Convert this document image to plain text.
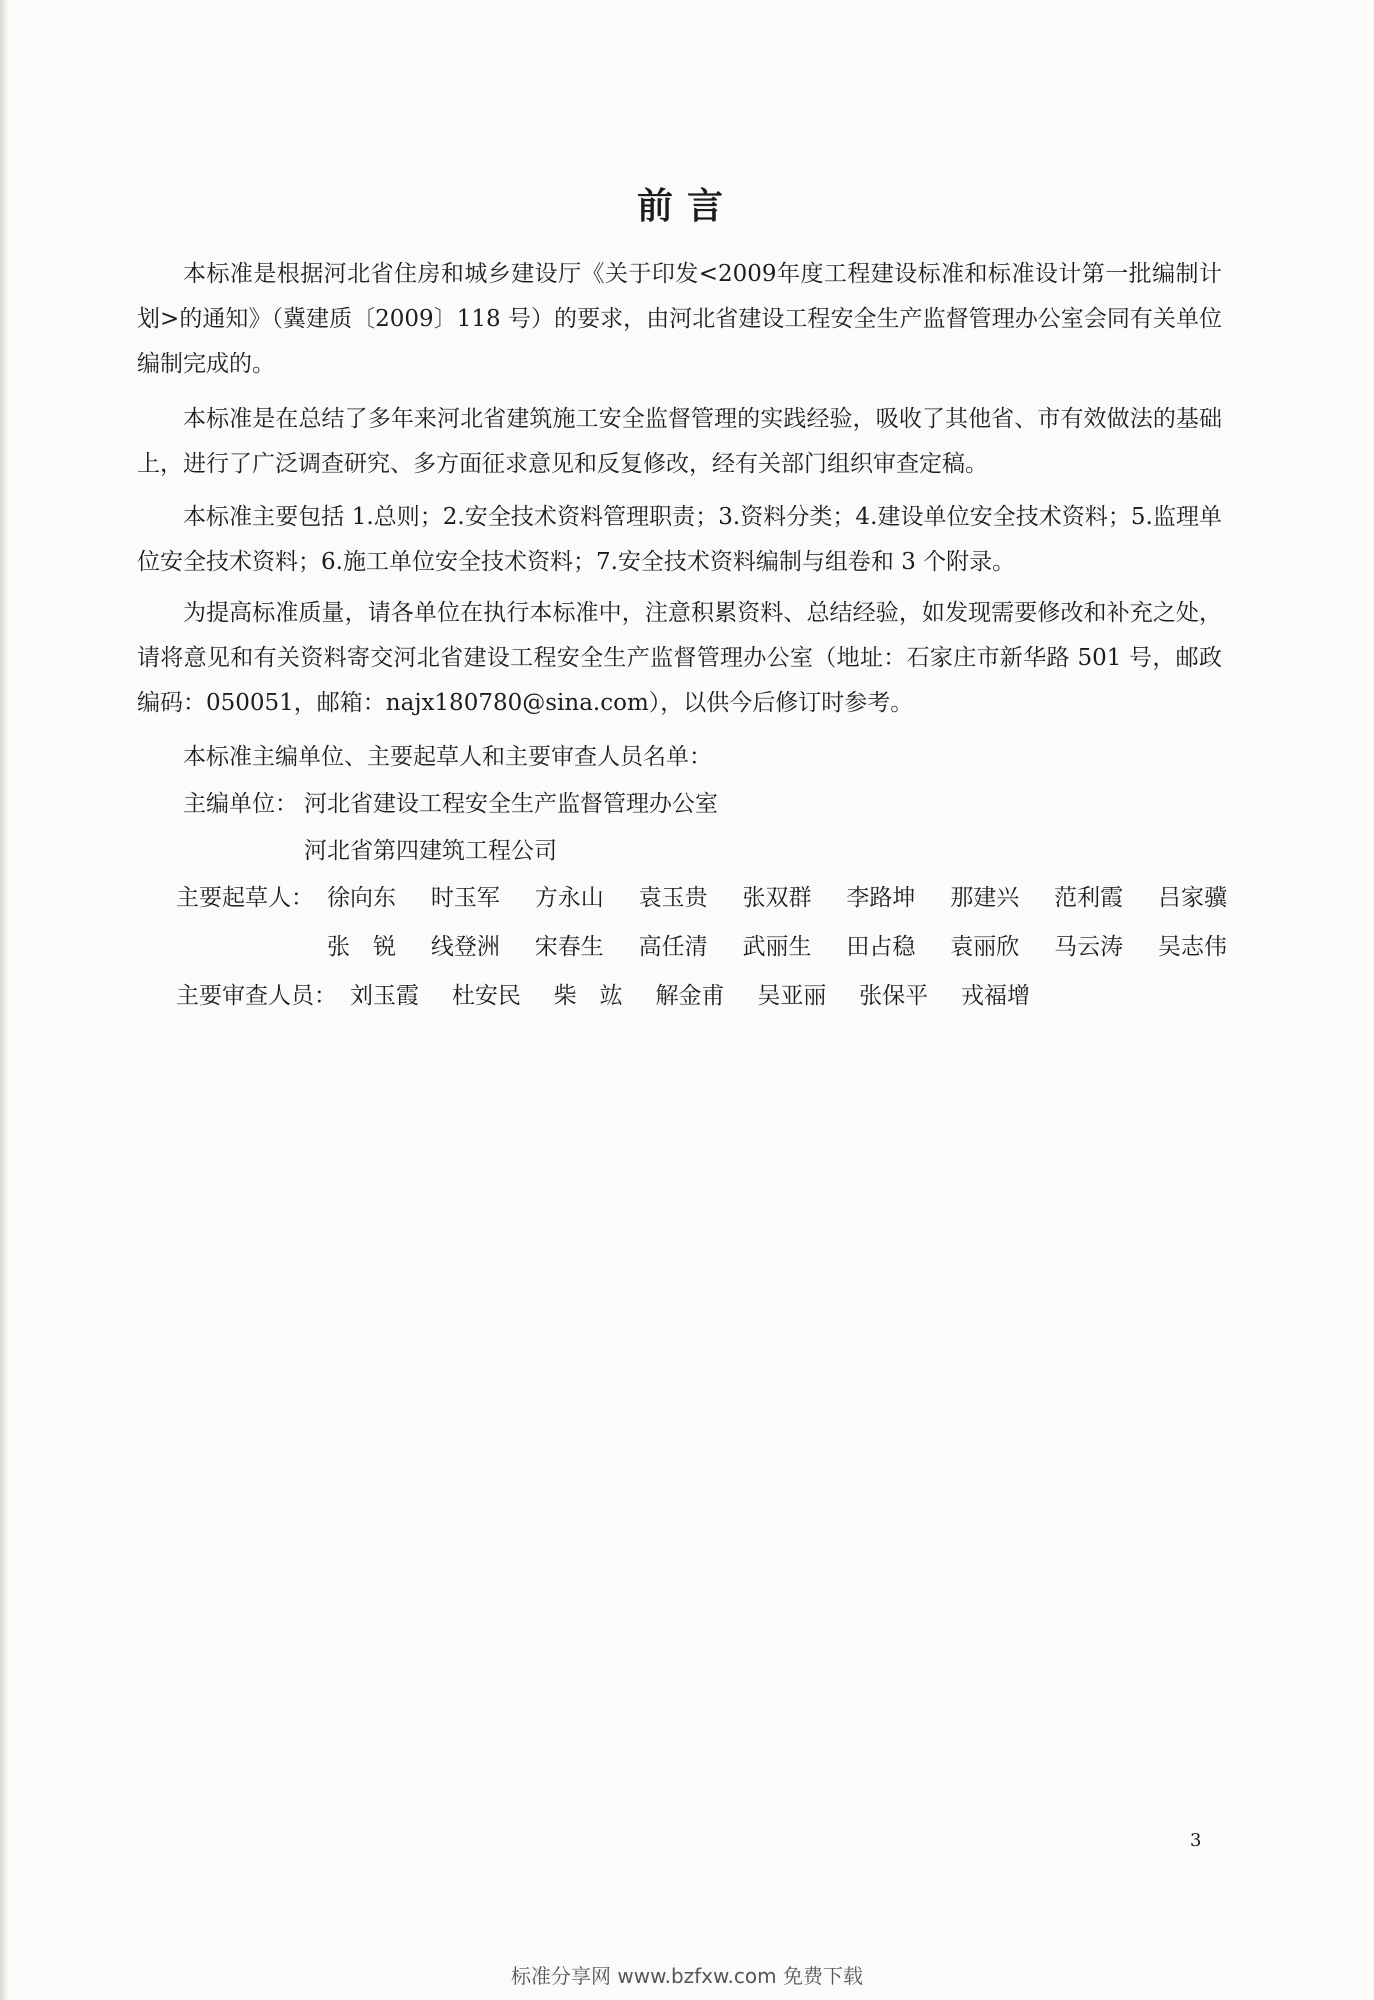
前言

本标准是根据河北省住房和城乡建设厅《关于印发<2009年度工程建设标准和标准设计第一批编制计划>的通知》（冀建质〔2009〕118 号）的要求，由河北省建设工程安全生产监督管理办公室会同有关单位编制完成的。

本标准是在总结了多年来河北省建筑施工安全监督管理的实践经验，吸收了其他省、市有效做法的基础上，进行了广泛调查研究、多方面征求意见和反复修改，经有关部门组织审查定稿。

本标准主要包括 1.总则；2.安全技术资料管理职责；3.资料分类；4.建设单位安全技术资料；5.监理单位安全技术资料；6.施工单位安全技术资料；7.安全技术资料编制与组卷和 3 个附录。

为提高标准质量，请各单位在执行本标准中，注意积累资料、总结经验，如发现需要修改和补充之处，请将意见和有关资料寄交河北省建设工程安全生产监督管理办公室（地址：石家庄市新华路 501 号，邮政编码：050051，邮箱：najx180780@sina.com），以供今后修订时参考。

本标准主编单位、主要起草人和主要审查人员名单：

主编单位： 河北省建设工程安全生产监督管理办公室
河北省第四建筑工程公司
主要起草人： 徐向东 时玉军 方永山 袁玉贵 张双群 李路坤 那建兴 范利霞 吕家骥
张　锐 线登洲 宋春生 高任清 武丽生 田占稳 袁丽欣 马云涛 吴志伟
主要审查人员： 刘玉霞 杜安民 柴　竑 解金甫 吴亚丽 张保平 戎福增
3
标准分享网 www.bzfxw.com 免费下载
